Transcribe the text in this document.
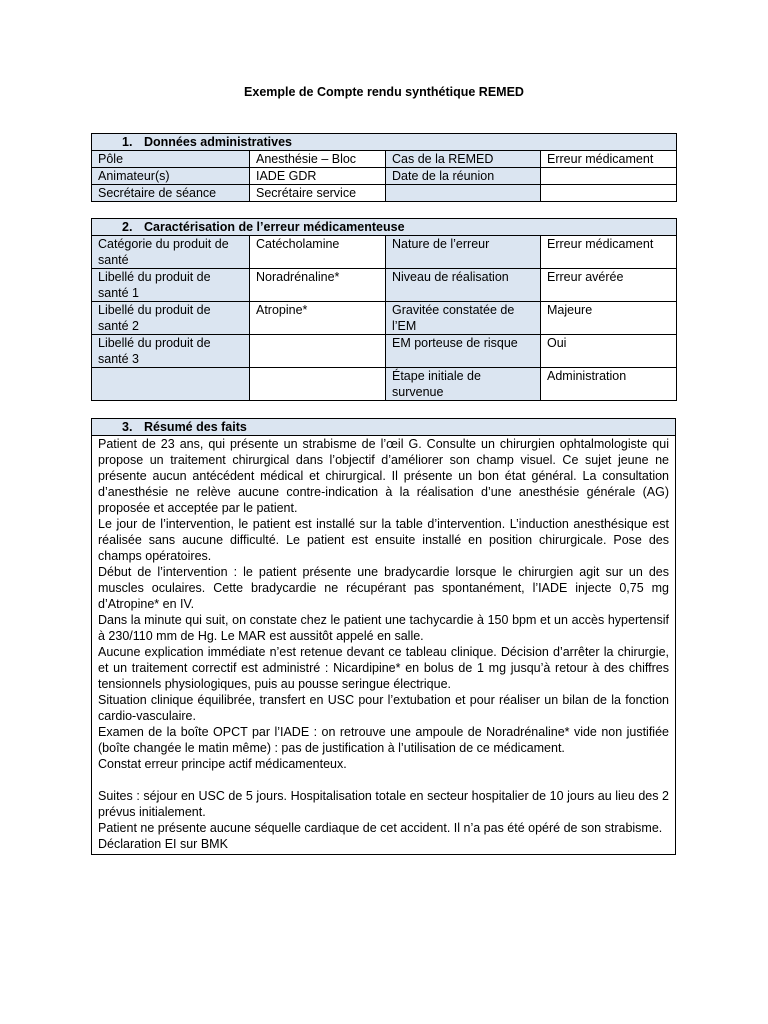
Exemple de Compte rendu synthétique REMED
1. Données administratives			
Pôle	Anesthésie – Bloc	Cas de la REMED	Erreur médicament
Animateur(s)	IADE GDR	Date de la réunion	
Secrétaire de séance	Secrétaire service		
2. Caractérisation de l’erreur médicamenteuse			
Catégorie du produit de santé	Catécholamine	Nature de l’erreur	Erreur médicament
Libellé du produit de santé 1	Noradrénaline*	Niveau de réalisation	Erreur avérée
Libellé du produit de santé 2	Atropine*	Gravitée constatée de l’EM	Majeure
Libellé du produit de santé 3		EM porteuse de risque	Oui
		Étape initiale de survenue	Administration
3. Résumé des faits

Patient de 23 ans, qui présente un strabisme de l’œil G. Consulte un chirurgien ophtalmologiste qui propose un traitement chirurgical dans l’objectif d’améliorer son champ visuel. Ce sujet jeune ne présente aucun antécédent médical et chirurgical. Il présente un bon état général. La consultation d’anesthésie ne relève aucune contre-indication à la réalisation d’une anesthésie générale (AG) proposée et acceptée par le patient.

Le jour de l’intervention, le patient est installé sur la table d’intervention. L’induction anesthésique est réalisée sans aucune difficulté. Le patient est ensuite installé en position chirurgicale. Pose des champs opératoires.

Début de l’intervention : le patient présente une bradycardie lorsque le chirurgien agit sur un des muscles oculaires. Cette bradycardie ne récupérant pas spontanément, l’IADE injecte 0,75 mg d’Atropine* en IV.

Dans la minute qui suit, on constate chez le patient une tachycardie à 150 bpm et un accès hypertensif à 230/110 mm de Hg. Le MAR est aussitôt appelé en salle.

Aucune explication immédiate n’est retenue devant ce tableau clinique. Décision d’arrêter la chirurgie, et un traitement correctif est administré : Nicardipine* en bolus de 1 mg jusqu’à retour à des chiffres tensionnels physiologiques, puis au pousse seringue électrique.

Situation clinique équilibrée, transfert en USC pour l’extubation et pour réaliser un bilan de la fonction cardio-vasculaire.

Examen de la boîte OPCT par l’IADE : on retrouve une ampoule de Noradrénaline* vide non justifiée (boîte changée le matin même) : pas de justification à l’utilisation de ce médicament.

Constat erreur principe actif médicamenteux.

Suites : séjour en USC de 5 jours. Hospitalisation totale en secteur hospitalier de 10 jours au lieu des 2 prévus initialement.

Patient ne présente aucune séquelle cardiaque de cet accident. Il n’a pas été opéré de son strabisme.

Déclaration EI sur BMK
